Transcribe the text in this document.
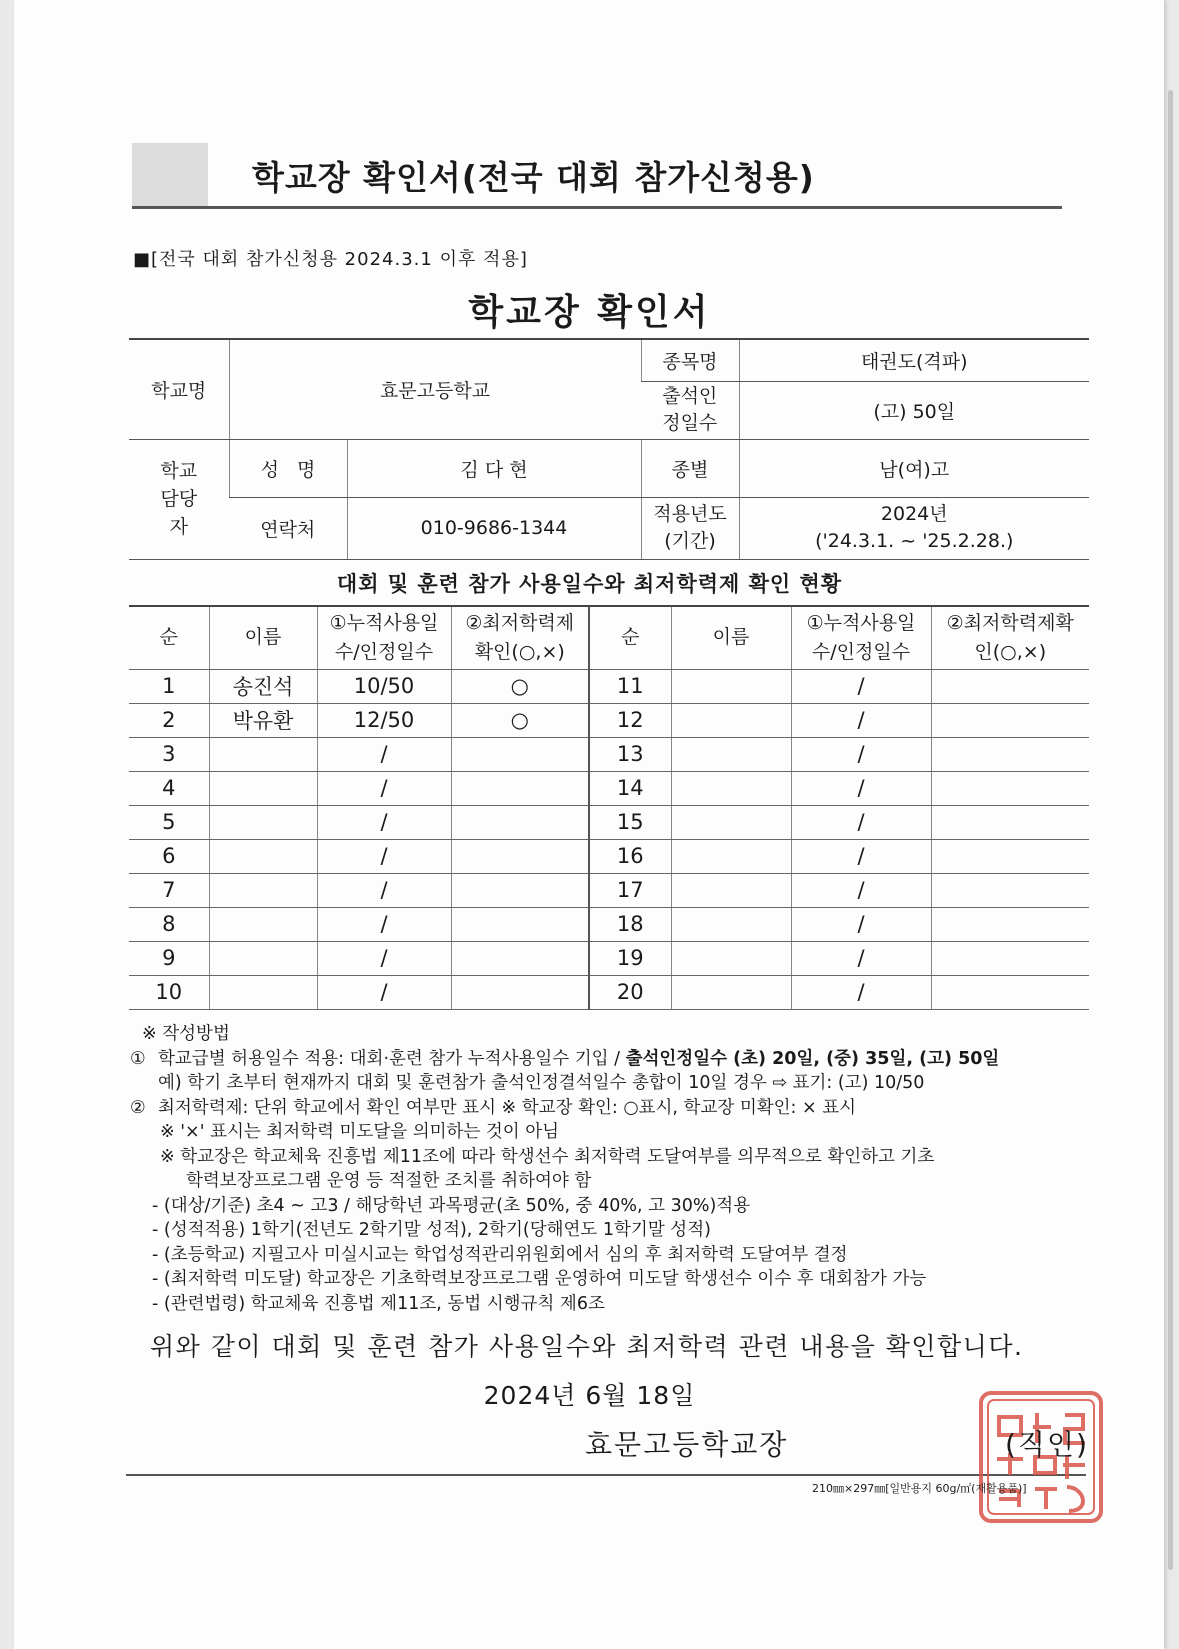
학교장 확인서(전국 대회 참가신청용)
■[전국 대회 참가신청용 2024.3.1 이후 적용]
학교장 확인서
학교명	효문고등학교		종목명	태권도(격파)
			출석인정일수	(고) 50일
학교담당자	성   명	김 다 현	종별	남(여)고
	연락처	010-9686-1344	적용년도(기간)	2024년
('24.3.1. ~ '25.2.28.)
대회 및 훈련 참가 사용일수와 최저학력제 확인 현황
순	이름	①누적사용일수/인정일수	②최저학력제확인(○,×)	순	이름	①누적사용일수/인정일수	②최저학력제확인(○,×)
1	송진석	10/50	○	11		/	
2	박유환	12/50	○	12		/	
3		/		13		/	
4		/		14		/	
5		/		15		/	
6		/		16		/	
7		/		17		/	
8		/		18		/	
9		/		19		/	
10		/		20		/	
※ 작성방법
① 학교급별 허용일수 적용: 대회·훈련 참가 누적사용일수 기입 / 출석인정일수 (초) 20일, (중) 35일, (고) 50일
예) 학기 초부터 현재까지 대회 및 훈련참가 출석인정결석일수 총합이 10일 경우 ⇨ 표기: (고) 10/50
② 최저학력제: 단위 학교에서 확인 여부만 표시 ※ 학교장 확인: ○표시, 학교장 미확인: × 표시
※ '×' 표시는 최저학력 미도달을 의미하는 것이 아님
※ 학교장은 학교체육 진흥법 제11조에 따라 학생선수 최저학력 도달여부를 의무적으로 확인하고 기초
학력보장프로그램 운영 등 적절한 조치를 취하여야 함
- (대상/기준) 초4 ~ 고3 / 해당학년 과목평균(초 50%, 중 40%, 고 30%)적용
- (성적적용) 1학기(전년도 2학기말 성적), 2학기(당해연도 1학기말 성적)
- (초등학교) 지필고사 미실시교는 학업성적관리위원회에서 심의 후 최저학력 도달여부 결정
- (최저학력 미도달) 학교장은 기초학력보장프로그램 운영하여 미도달 학생선수 이수 후 대회참가 가능
- (관련법령) 학교체육 진흥법 제11조, 동법 시행규칙 제6조
위와 같이 대회 및 훈련 참가 사용일수와 최저학력 관련 내용을 확인합니다.
2024년 6월 18일
효문고등학교장	(직인)
210㎜×297㎜[일반용지 60g/㎡(재활용품)]
